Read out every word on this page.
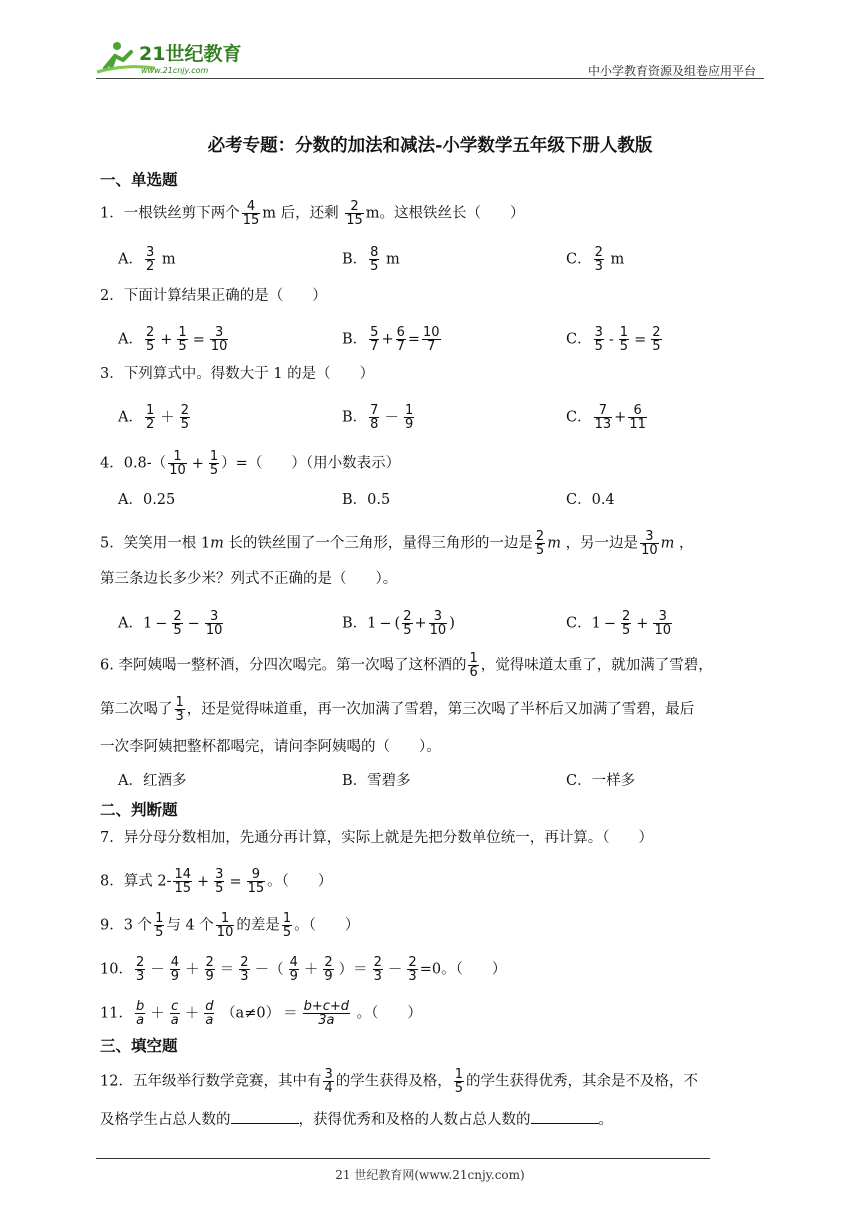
21世纪教育
www.21cnjy.com	中小学教育资源及组卷应用平台
必考专题：分数的加法和减法-小学数学五年级下册人教版
一、单选题
1．一根铁丝剪下两个 $\frac{4}{15}$ m 后，还剩 $\frac{2}{15}$ m。这根铁丝长（　　）
A． $\frac{3}{2}$ m	B． $\frac{8}{5}$ m	C． $\frac{2}{3}$ m
2．下面计算结果正确的是（　　）
A． $\frac{2}{5} + \frac{1}{5} = \frac{3}{10}$	B． $\frac{5}{7} + \frac{6}{7} = \frac{10}{7}$	C． $\frac{3}{5} - \frac{1}{5} = \frac{2}{5}$
3．下列算式中。得数大于 1 的是（　　）
A． $\frac{1}{2} + \frac{2}{5}$	B． $\frac{7}{8} - \frac{1}{9}$	C． $\frac{7}{13} + \frac{6}{11}$
4．$0.8-( \frac{1}{10} + \frac{1}{5}$ ）=（　　）（用小数表示）
A．0.25	B．0.5	C．0.4
5．笑笑用一根 1m 长的铁丝围了一个三角形，量得三角形的一边是 $\frac{2}{5}$ m ，另一边是 $\frac{3}{10}$ m ，
第三条边长多少米？列式不正确的是（　　）。
A．$1 - \frac{2}{5} - \frac{3}{10}$	B．1 − ( $\frac{2}{5} + \frac{3}{10}$ )	C．$1 - \frac{2}{5} + \frac{3}{10}$
6. 李阿姨喝一整杯酒，分四次喝完。第一次喝了这杯酒的 $\frac{1}{6}$ ，觉得味道太重了，就加满了雪碧，
第二次喝了 $\frac{1}{3}$ ，还是觉得味道重，再一次加满了雪碧，第三次喝了半杯后又加满了雪碧，最后
一次李阿姨把整杯都喝完，请问李阿姨喝的（　　）。
A．红酒多	B．雪碧多	C．一样多
二、判断题
7．异分母分数相加，先通分再计算，实际上就是先把分数单位统一，再计算。（　　）
8．算式 $2- \frac{14}{15} + \frac{3}{5} = \frac{9}{15}$ 。（　　）
9．3 个 $\frac{1}{5}$ 与 4 个 $\frac{1}{10}$ 的差是 $\frac{1}{5}$ 。（　　）
10． $\frac{2}{3} - \frac{4}{9} + \frac{2}{9} = \frac{2}{3}$ －（ $\frac{4}{9} + \frac{2}{9}$ ）＝ $\frac{2}{3} - \frac{2}{3} =0$。（　　）
11． $\frac{b}{a} + \frac{c}{a} + \frac{d}{a} (a\ne 0) = \frac{b+c+d}{3a}$ 。（　　）
三、填空题
12．五年级举行数学竞赛，其中有 $\frac{3}{4}$ 的学生获得及格， $\frac{1}{5}$ 的学生获得优秀，其余是不及格，不
及格学生占总人数的	，获得优秀和及格的人数占总人数的	。
21 世纪教育网(www.21cnjy.com)
